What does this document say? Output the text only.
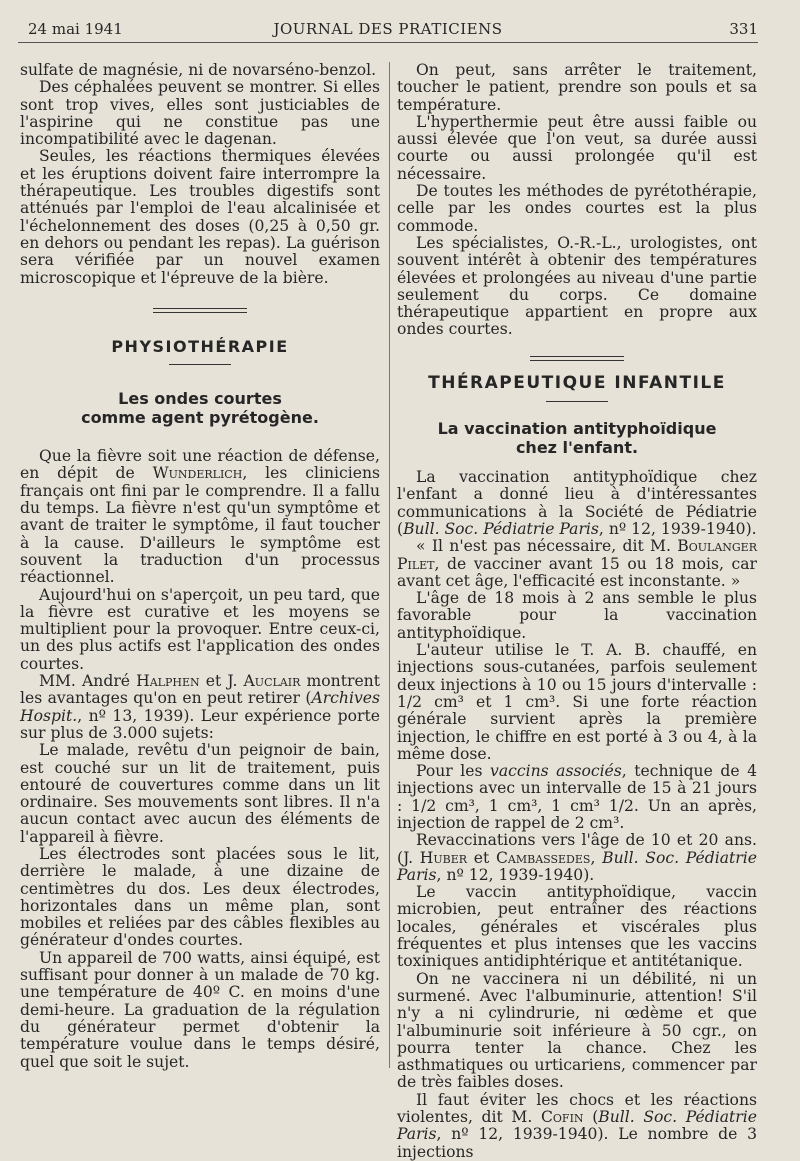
24 mai 1941	JOURNAL DES PRATICIENS	331

sulfate de magnésie, ni de novarséno-benzol.

Des céphalées peuvent se montrer. Si elles sont trop vives, elles sont justiciables de l'aspirine qui ne constitue pas une incompatibilité avec le dagenan.

Seules, les réactions thermiques élevées et les éruptions doivent faire interrompre la thérapeutique. Les troubles digestifs sont atténués par l'emploi de l'eau alcalinisée et l'échelonnement des doses (0,25 à 0,50 gr. en dehors ou pendant les repas). La guérison sera vérifiée par un nouvel examen microscopique et l'épreuve de la bière.

PHYSIOTHÉRAPIE
Les ondes courtes
comme agent pyrétogène.

Que la fièvre soit une réaction de défense, en dépit de Wunderlich, les cliniciens français ont fini par le comprendre. Il a fallu du temps. La fièvre n'est qu'un symptôme et avant de traiter le symptôme, il faut toucher à la cause. D'ailleurs le symptôme est souvent la traduction d'un processus réactionnel.

Aujourd'hui on s'aperçoit, un peu tard, que la fièvre est curative et les moyens se multiplient pour la provoquer. Entre ceux-ci, un des plus actifs est l'application des ondes courtes.

MM. André Halphen et J. Auclair montrent les avantages qu'on en peut retirer (Archives Hospit., nº 13, 1939). Leur expérience porte sur plus de 3.000 sujets:

Le malade, revêtu d'un peignoir de bain, est couché sur un lit de traitement, puis entouré de couvertures comme dans un lit ordinaire. Ses mouvements sont libres. Il n'a aucun contact avec aucun des éléments de l'appareil à fièvre.

Les électrodes sont placées sous le lit, derrière le malade, à une dizaine de centimètres du dos. Les deux électrodes, horizontales dans un même plan, sont mobiles et reliées par des câbles flexibles au générateur d'ondes courtes.

Un appareil de 700 watts, ainsi équipé, est suffisant pour donner à un malade de 70 kg. une température de 40º C. en moins d'une demi-heure. La graduation de la régulation du générateur permet d'obtenir la température voulue dans le temps désiré, quel que soit le sujet.

On peut, sans arrêter le traitement, toucher le patient, prendre son pouls et sa température.

L'hyperthermie peut être aussi faible ou aussi élevée que l'on veut, sa durée aussi courte ou aussi prolongée qu'il est nécessaire.

De toutes les méthodes de pyrétothérapie, celle par les ondes courtes est la plus commode.

Les spécialistes, O.-R.-L., urologistes, ont souvent intérêt à obtenir des températures élevées et prolongées au niveau d'une partie seulement du corps. Ce domaine thérapeutique appartient en propre aux ondes courtes.

THÉRAPEUTIQUE INFANTILE
La vaccination antityphoïdique
chez l'enfant.

La vaccination antityphoïdique chez l'enfant a donné lieu à d'intéressantes communications à la Société de Pédiatrie (Bull. Soc. Pédiatrie Paris, nº 12, 1939-1940).

« Il n'est pas nécessaire, dit M. Boulanger Pilet, de vacciner avant 15 ou 18 mois, car avant cet âge, l'efficacité est inconstante. »

L'âge de 18 mois à 2 ans semble le plus favorable pour la vaccination antityphoïdique.

L'auteur utilise le T. A. B. chauffé, en injections sous-cutanées, parfois seulement deux injections à 10 ou 15 jours d'intervalle : 1/2 cm³ et 1 cm³. Si une forte réaction générale survient après la première injection, le chiffre en est porté à 3 ou 4, à la même dose.

Pour les vaccins associés, technique de 4 injections avec un intervalle de 15 à 21 jours : 1/2 cm³, 1 cm³, 1 cm³ 1/2. Un an après, injection de rappel de 2 cm³.

Revaccinations vers l'âge de 10 et 20 ans. (J. Huber et Cambassedes, Bull. Soc. Pédiatrie Paris, nº 12, 1939-1940).

Le vaccin antityphoïdique, vaccin microbien, peut entraîner des réactions locales, générales et viscérales plus fréquentes et plus intenses que les vaccins toxiniques antidiphtérique et antitétanique.

On ne vaccinera ni un débilité, ni un surmené. Avec l'albuminurie, attention! S'il n'y a ni cylindrurie, ni œdème et que l'albuminurie soit inférieure à 50 cgr., on pourra tenter la chance. Chez les asthmatiques ou urticariens, commencer par de très faibles doses.

Il faut éviter les chocs et les réactions violentes, dit M. Cofin (Bull. Soc. Pédiatrie Paris, nº 12, 1939-1940). Le nombre de 3 injections
